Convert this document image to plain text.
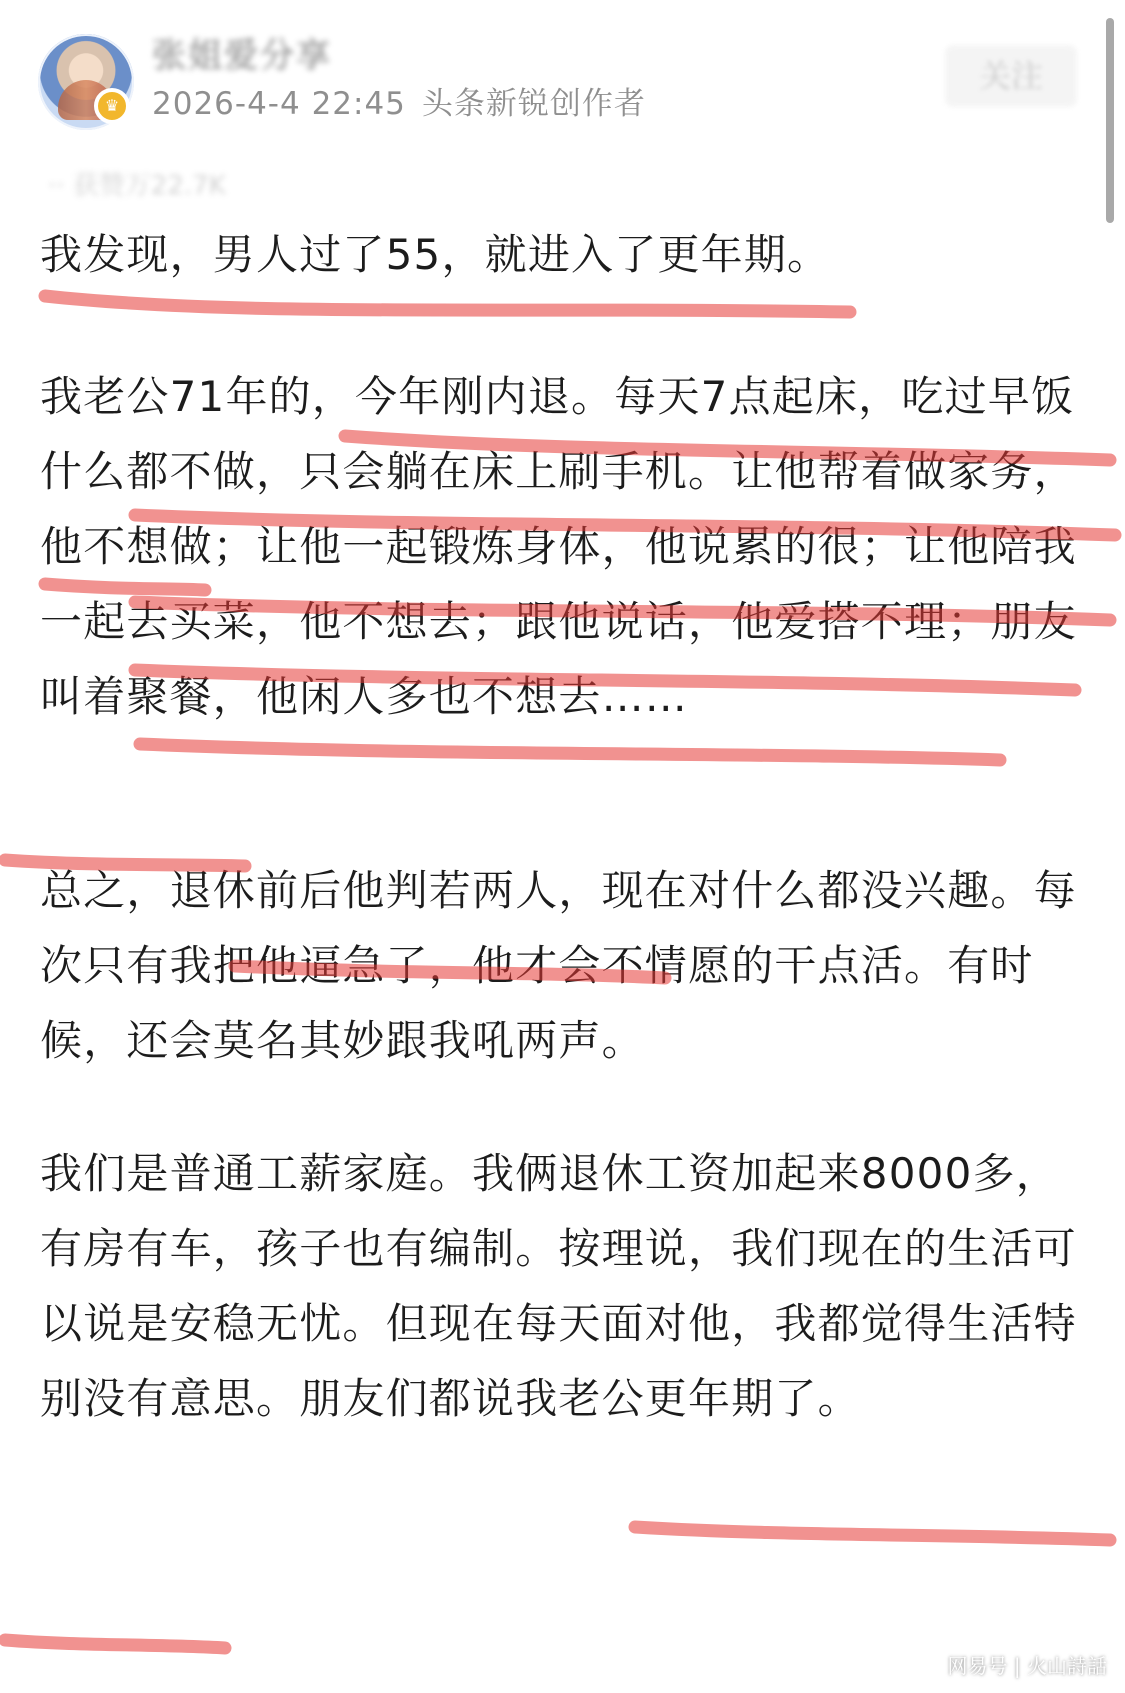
♛
张姐爱分享
2026-4-4 22:45 头条新锐创作者
关注
·· 获赞万22.7K

我发现，男人过了55，就进入了更年期。

我老公71年的，今年刚内退。每天7点起床，吃过早饭什么都不做，只会躺在床上刷手机。让他帮着做家务，他不想做；让他一起锻炼身体，他说累的很；让他陪我一起去买菜，他不想去；跟他说话，他爱搭不理；朋友叫着聚餐，他闲人多也不想去……

总之，退休前后他判若两人，现在对什么都没兴趣。每次只有我把他逼急了，他才会不情愿的干点活。有时候，还会莫名其妙跟我吼两声。

我们是普通工薪家庭。我俩退休工资加起来8000多，有房有车，孩子也有编制。按理说，我们现在的生活可以说是安稳无忧。但现在每天面对他，我都觉得生活特别没有意思。朋友们都说我老公更年期了。

网易号 | 火山詩話
